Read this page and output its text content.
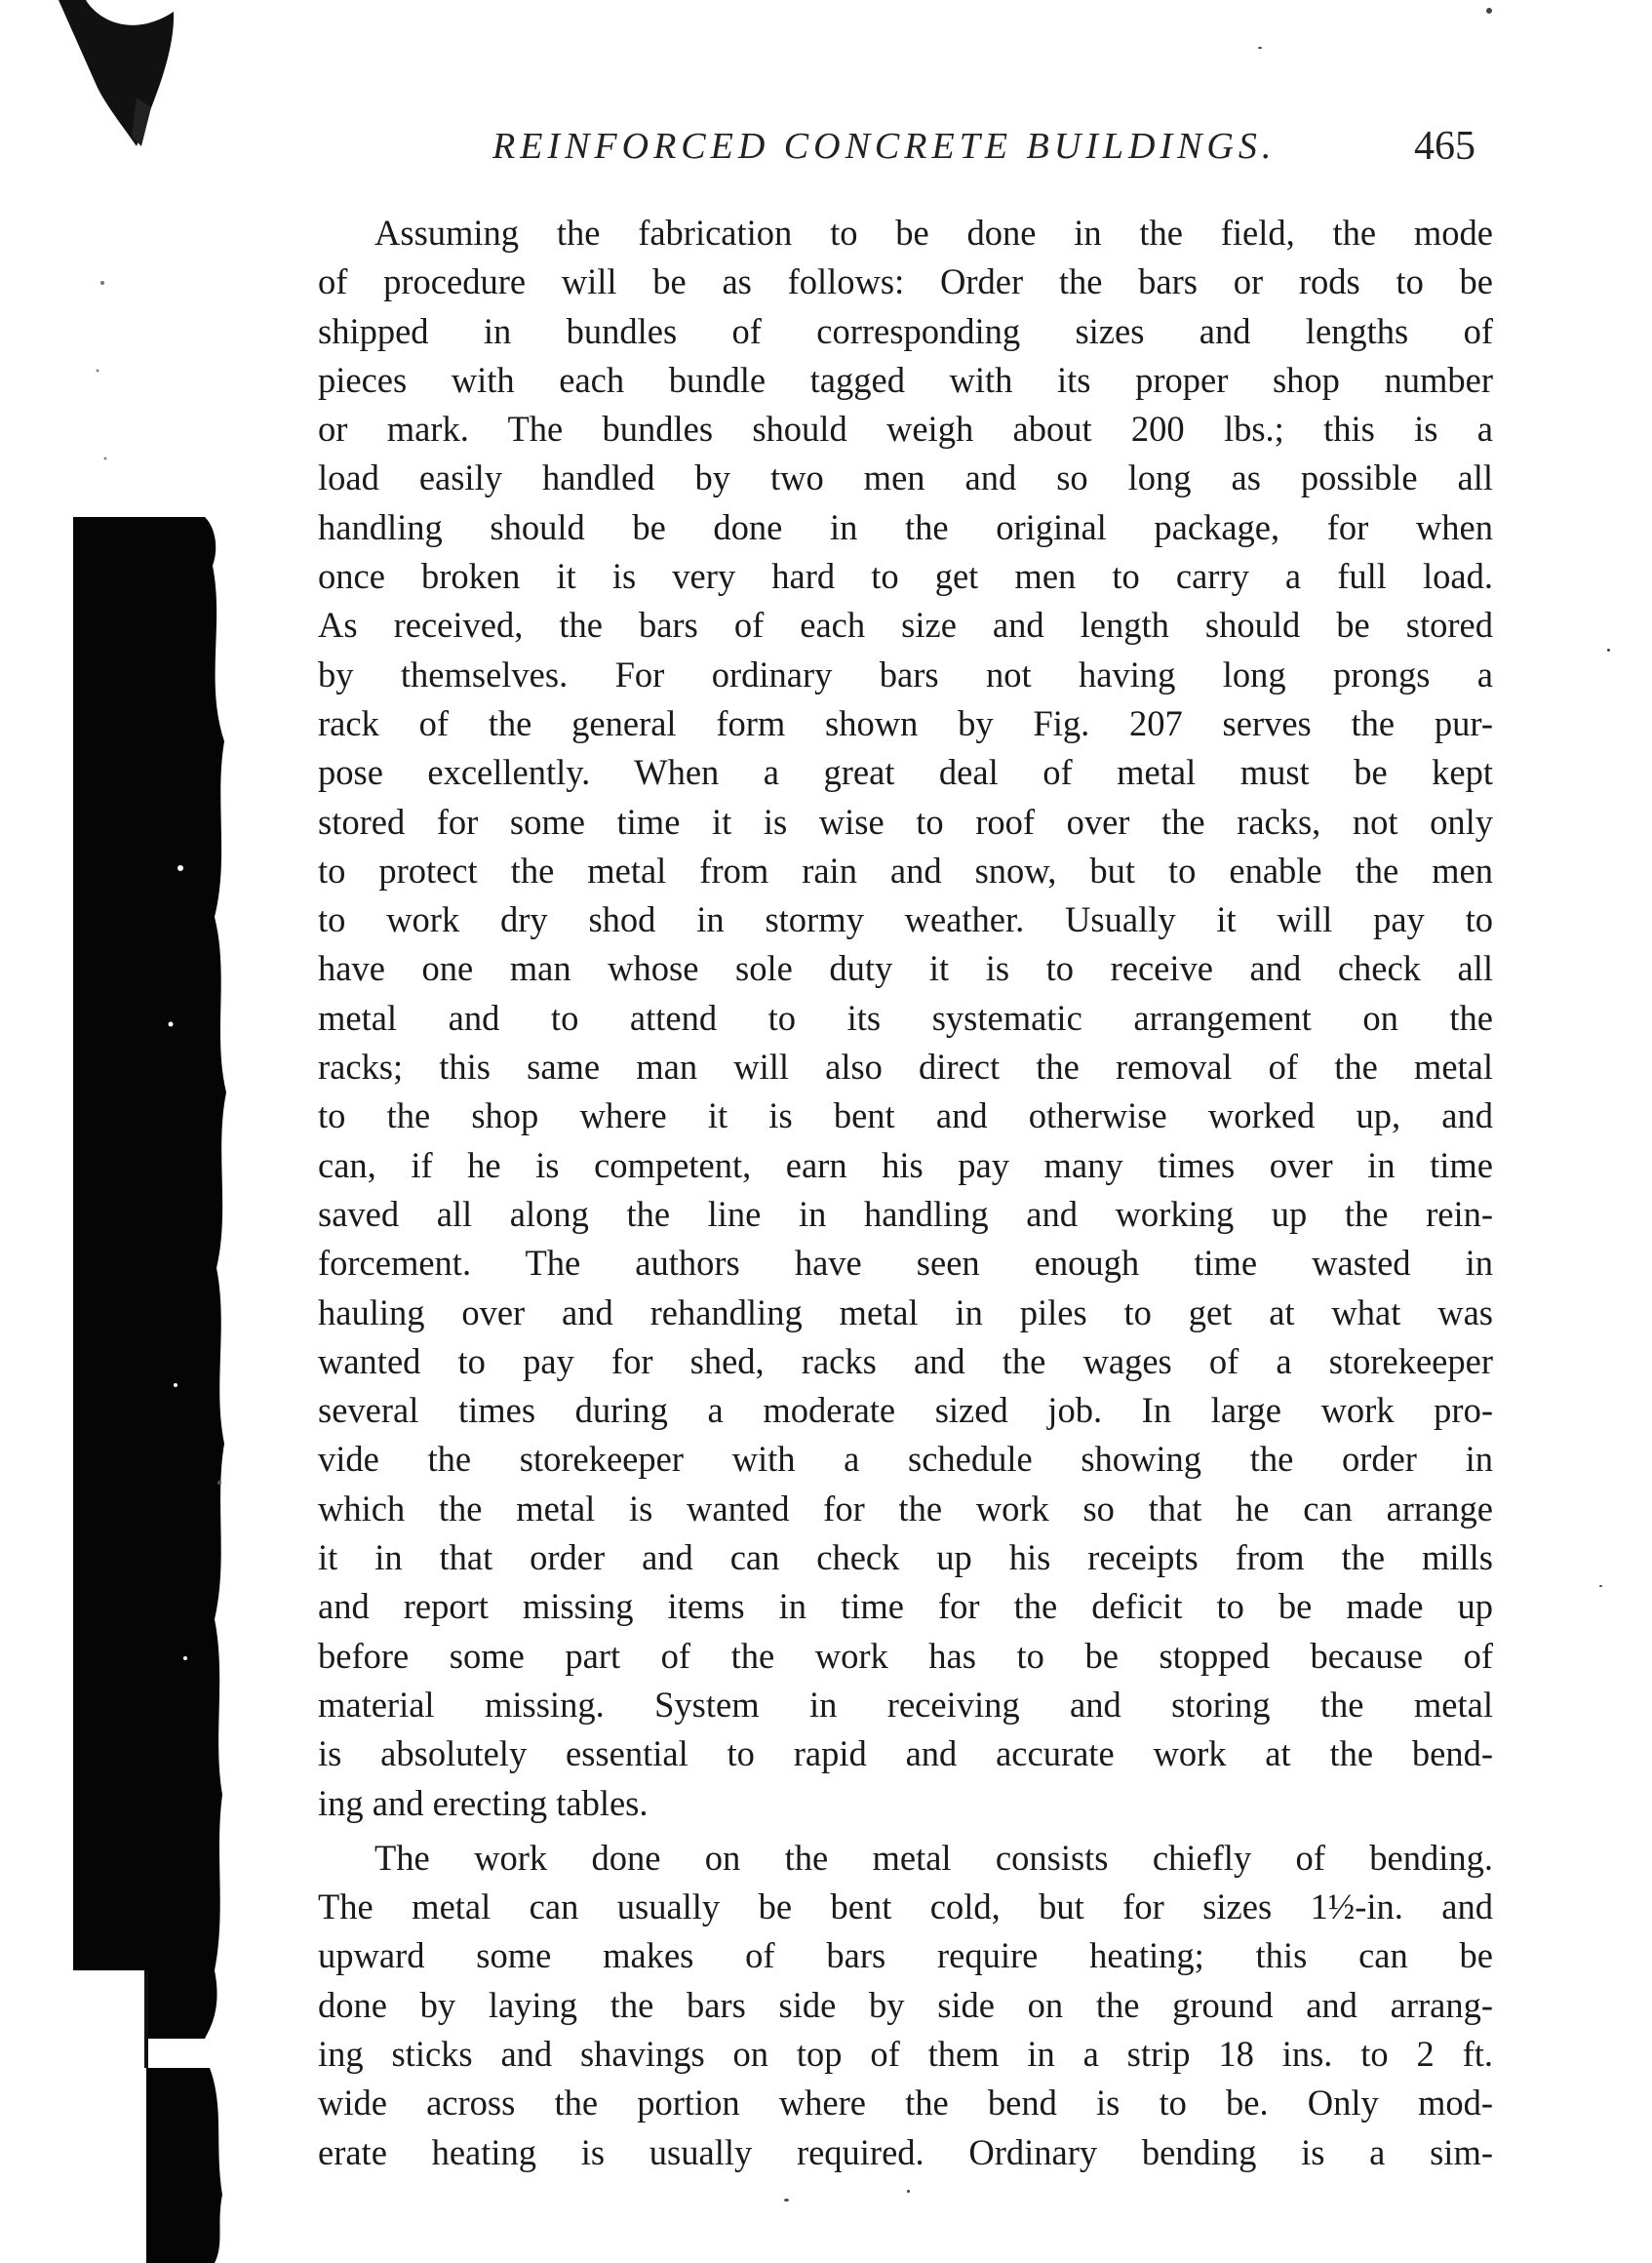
REINFORCED CONCRETE BUILDINGS.	465
Assuming the fabrication to be done in the field, the mode
of procedure will be as follows: Order the bars or rods to be
shipped in bundles of corresponding sizes and lengths of
pieces with each bundle tagged with its proper shop number
or mark. The bundles should weigh about 200 lbs.; this is a
load easily handled by two men and so long as possible all
handling should be done in the original package, for when
once broken it is very hard to get men to carry a full load.
As received, the bars of each size and length should be stored
by themselves. For ordinary bars not having long prongs a
rack of the general form shown by Fig. 207 serves the pur-
pose excellently. When a great deal of metal must be kept
stored for some time it is wise to roof over the racks, not only
to protect the metal from rain and snow, but to enable the men
to work dry shod in stormy weather. Usually it will pay to
have one man whose sole duty it is to receive and check all
metal and to attend to its systematic arrangement on the
racks; this same man will also direct the removal of the metal
to the shop where it is bent and otherwise worked up, and
can, if he is competent, earn his pay many times over in time
saved all along the line in handling and working up the rein-
forcement. The authors have seen enough time wasted in
hauling over and rehandling metal in piles to get at what was
wanted to pay for shed, racks and the wages of a storekeeper
several times during a moderate sized job. In large work pro-
vide the storekeeper with a schedule showing the order in
which the metal is wanted for the work so that he can arrange
it in that order and can check up his receipts from the mills
and report missing items in time for the deficit to be made up
before some part of the work has to be stopped because of
material missing. System in receiving and storing the metal
is absolutely essential to rapid and accurate work at the bend-
ing and erecting tables.
The work done on the metal consists chiefly of bending.
The metal can usually be bent cold, but for sizes 1½-in. and
upward some makes of bars require heating; this can be
done by laying the bars side by side on the ground and arrang-
ing sticks and shavings on top of them in a strip 18 ins. to 2 ft.
wide across the portion where the bend is to be. Only mod-
erate heating is usually required. Ordinary bending is a sim-
